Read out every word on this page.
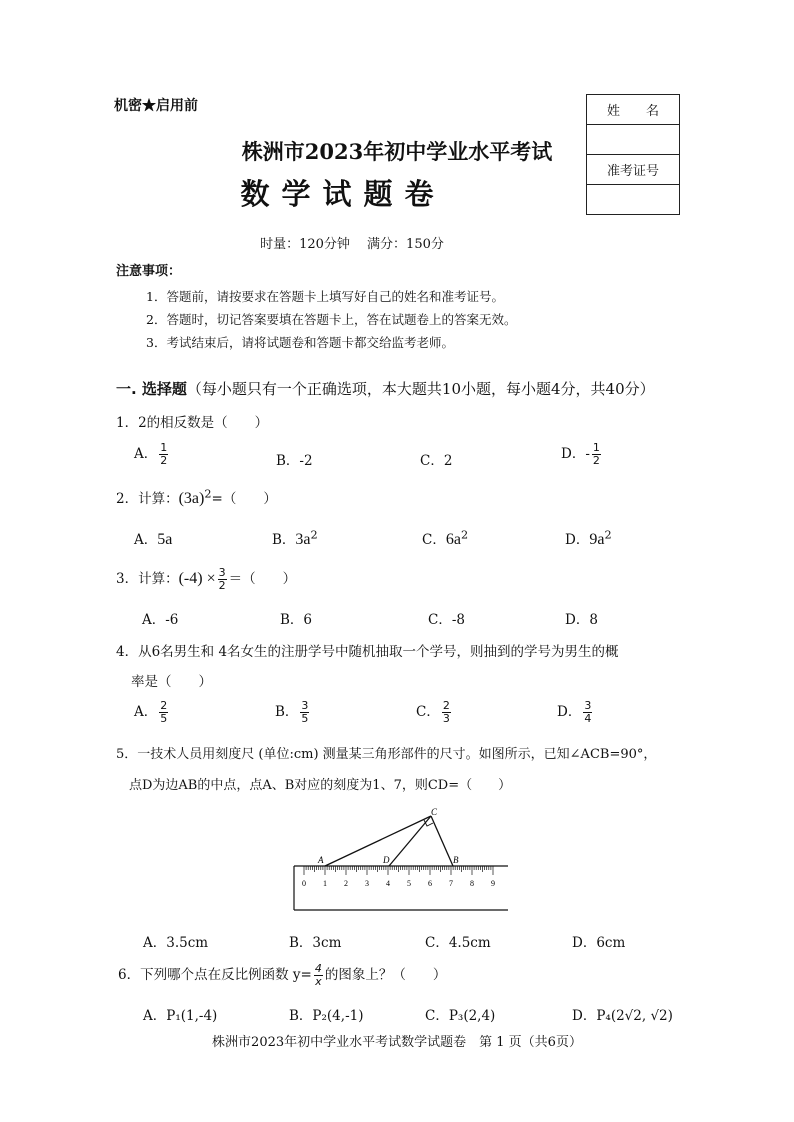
机密★启用前
株洲市2023年初中学业水平考试
数学试题卷
姓　　名

准考证号

时量：120分钟　 满分：150分
注意事项：
1．答题前，请按要求在答题卡上填写好自己的姓名和准考证号。
2．答题时，切记答案要填在答题卡上，答在试题卷上的答案无效。
3．考试结束后，请将试题卷和答题卡都交给监考老师。
一. 选择题（每小题只有一个正确选项，本大题共10小题，每小题4分，共40分）
1．2的相反数是（　　）
A． $\frac{1}{2}$	B．-2	C．2	D．- $\frac{1}{2}$
2．计算：$(3a)^2=$（　　）
A．5a	B．$3a^2$	C．$6a^2$	D．$9a^2$
3．计算：$(-4) \times \frac{3}{2}$ ＝（　　）
A．-6	B．6	C．-8	D．8
4．从6名男生和 4名女生的注册学号中随机抽取一个学号，则抽到的学号为男生的概
率是（　　）
A． $\frac{2}{5}$	B． $\frac{3}{5}$	C． $\frac{2}{3}$	D． $\frac{3}{4}$
5．一技术人员用刻度尺 (单位:cm) 测量某三角形部件的尺寸。如图所示，已知∠ACB=90°，
点D为边AB的中点，点A、B对应的刻度为1、7，则CD=（　　）
0 1 2 3 4 5 6 7 8 9
A	D	B
C
A．3.5cm	B．3cm	C．4.5cm	D．6cm
6．下列哪个点在反比例函数 $y= \frac{4}{x}$ 的图象上？（　　）
A．P₁(1,-4)	B．P₂(4,-1)	C．P₃(2,4)	D．P₄(2√2, √2)
株洲市2023年初中学业水平考试数学试题卷　第 1 页（共6页）
